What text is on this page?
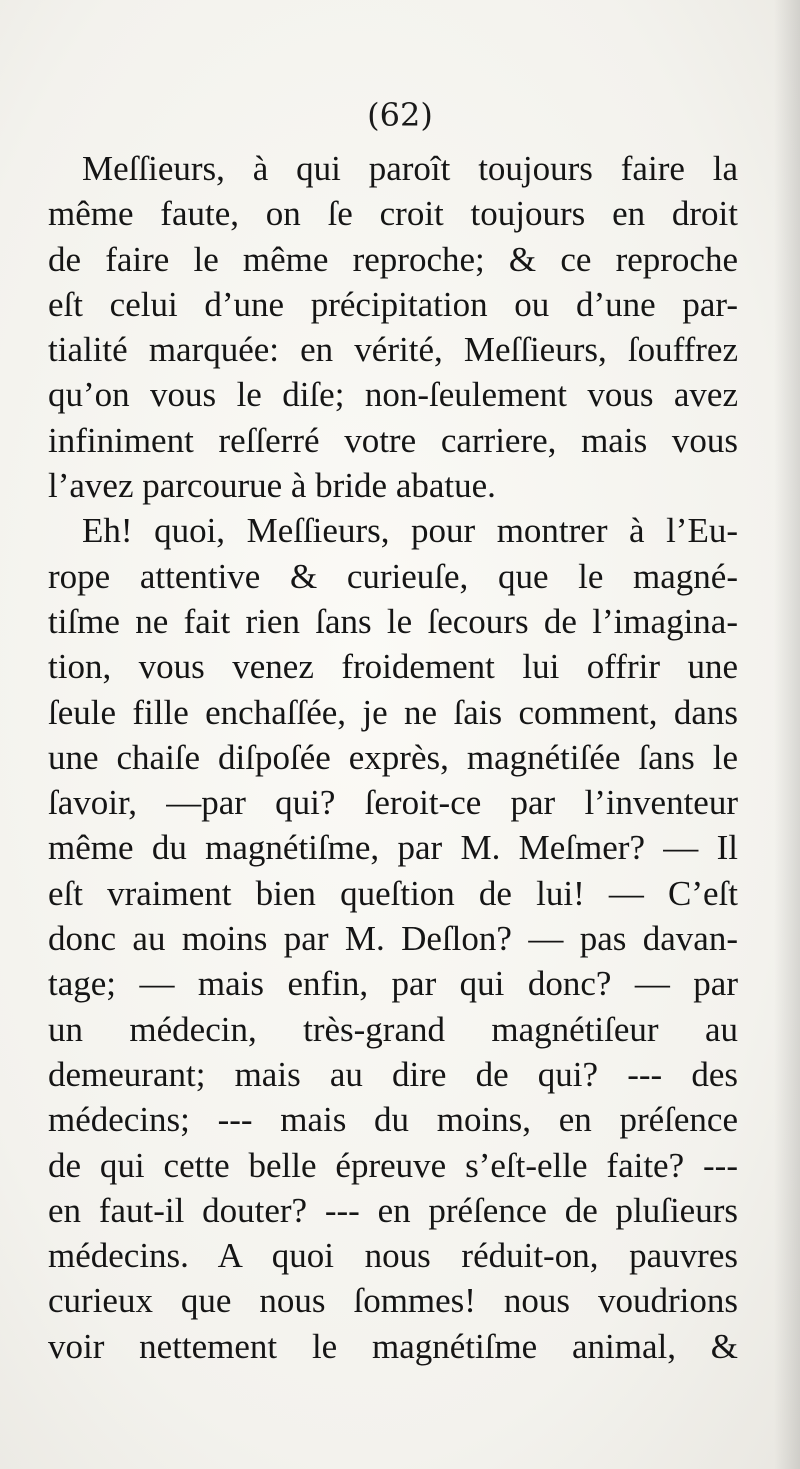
(62)
Meſſieurs, à qui paroît toujours faire la
même faute, on ſe croit toujours en droit
de faire le même reproche; & ce reproche
eſt celui d’une précipitation ou d’une par-
tialité marquée: en vérité, Meſſieurs, ſouffrez
qu’on vous le diſe; non-ſeulement vous avez
infiniment reſſerré votre carriere, mais vous
l’avez parcourue à bride abatue.
Eh! quoi, Meſſieurs, pour montrer à l’Eu-
rope attentive & curieuſe, que le magné-
tiſme ne fait rien ſans le ſecours de l’imagina-
tion, vous venez froidement lui offrir une
ſeule fille enchaſſée, je ne ſais comment, dans
une chaiſe diſpoſée exprès, magnétiſée ſans le
ſavoir, —par qui? ſeroit-ce par l’inventeur
même du magnétiſme, par M. Meſmer? — Il
eſt vraiment bien queſtion de lui! — C’eſt
donc au moins par M. Deſlon? — pas davan-
tage; — mais enfin, par qui donc? — par
un médecin, très-grand magnétiſeur au
demeurant; mais au dire de qui? --- des
médecins; --- mais du moins, en préſence
de qui cette belle épreuve s’eſt-elle faite? ---
en faut-il douter? --- en préſence de pluſieurs
médecins. A quoi nous réduit-on, pauvres
curieux que nous ſommes! nous voudrions
voir nettement le magnétiſme animal, &
